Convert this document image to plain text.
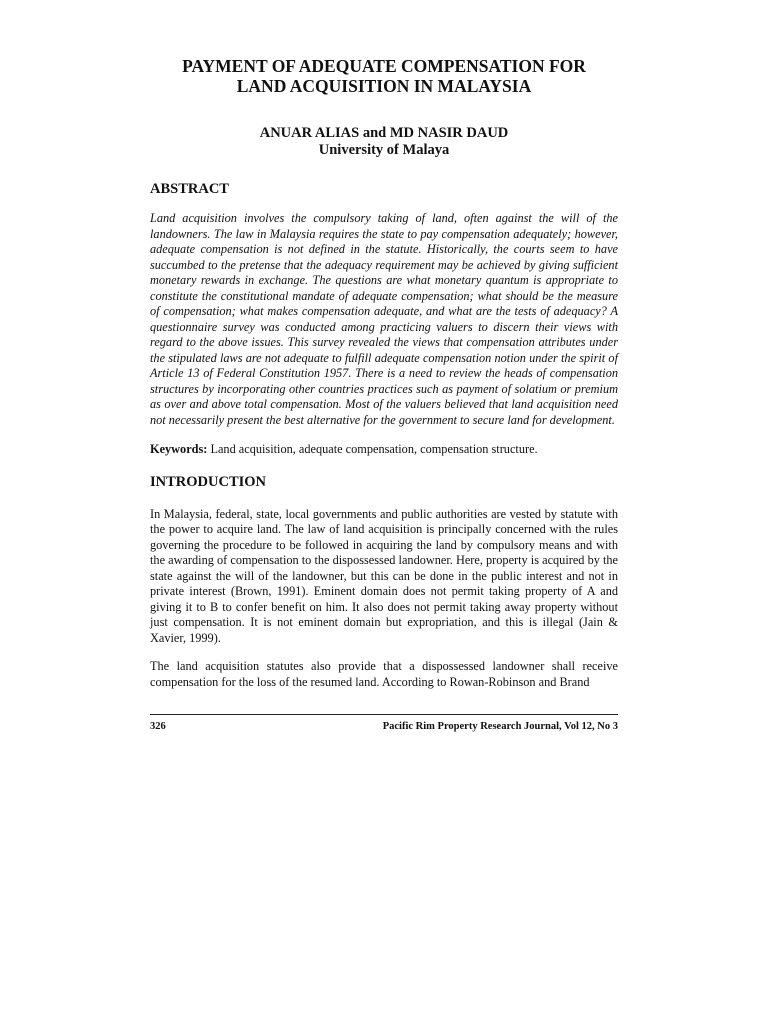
PAYMENT OF ADEQUATE COMPENSATION FOR
LAND ACQUISITION IN MALAYSIA
ANUAR ALIAS and MD NASIR DAUD
University of Malaya
ABSTRACT

Land acquisition involves the compulsory taking of land, often against the will of the landowners. The law in Malaysia requires the state to pay compensation adequately; however, adequate compensation is not defined in the statute. Historically, the courts seem to have succumbed to the pretense that the adequacy requirement may be achieved by giving sufficient monetary rewards in exchange. The questions are what monetary quantum is appropriate to constitute the constitutional mandate of adequate compensation; what should be the measure of compensation; what makes compensation adequate, and what are the tests of adequacy? A questionnaire survey was conducted among practicing valuers to discern their views with regard to the above issues. This survey revealed the views that compensation attributes under the stipulated laws are not adequate to fulfill adequate compensation notion under the spirit of Article 13 of Federal Constitution 1957. There is a need to review the heads of compensation structures by incorporating other countries practices such as payment of solatium or premium as over and above total compensation. Most of the valuers believed that land acquisition need not necessarily present the best alternative for the government to secure land for development.

Keywords: Land acquisition, adequate compensation, compensation structure.
INTRODUCTION

In Malaysia, federal, state, local governments and public authorities are vested by statute with the power to acquire land. The law of land acquisition is principally concerned with the rules governing the procedure to be followed in acquiring the land by compulsory means and with the awarding of compensation to the dispossessed landowner. Here, property is acquired by the state against the will of the landowner, but this can be done in the public interest and not in private interest (Brown, 1991). Eminent domain does not permit taking property of A and giving it to B to confer benefit on him. It also does not permit taking away property without just compensation. It is not eminent domain but expropriation, and this is illegal (Jain & Xavier, 1999).

The land acquisition statutes also provide that a dispossessed landowner shall receive compensation for the loss of the resumed land. According to Rowan-Robinson and Brand

326	Pacific Rim Property Research Journal, Vol 12, No 3
